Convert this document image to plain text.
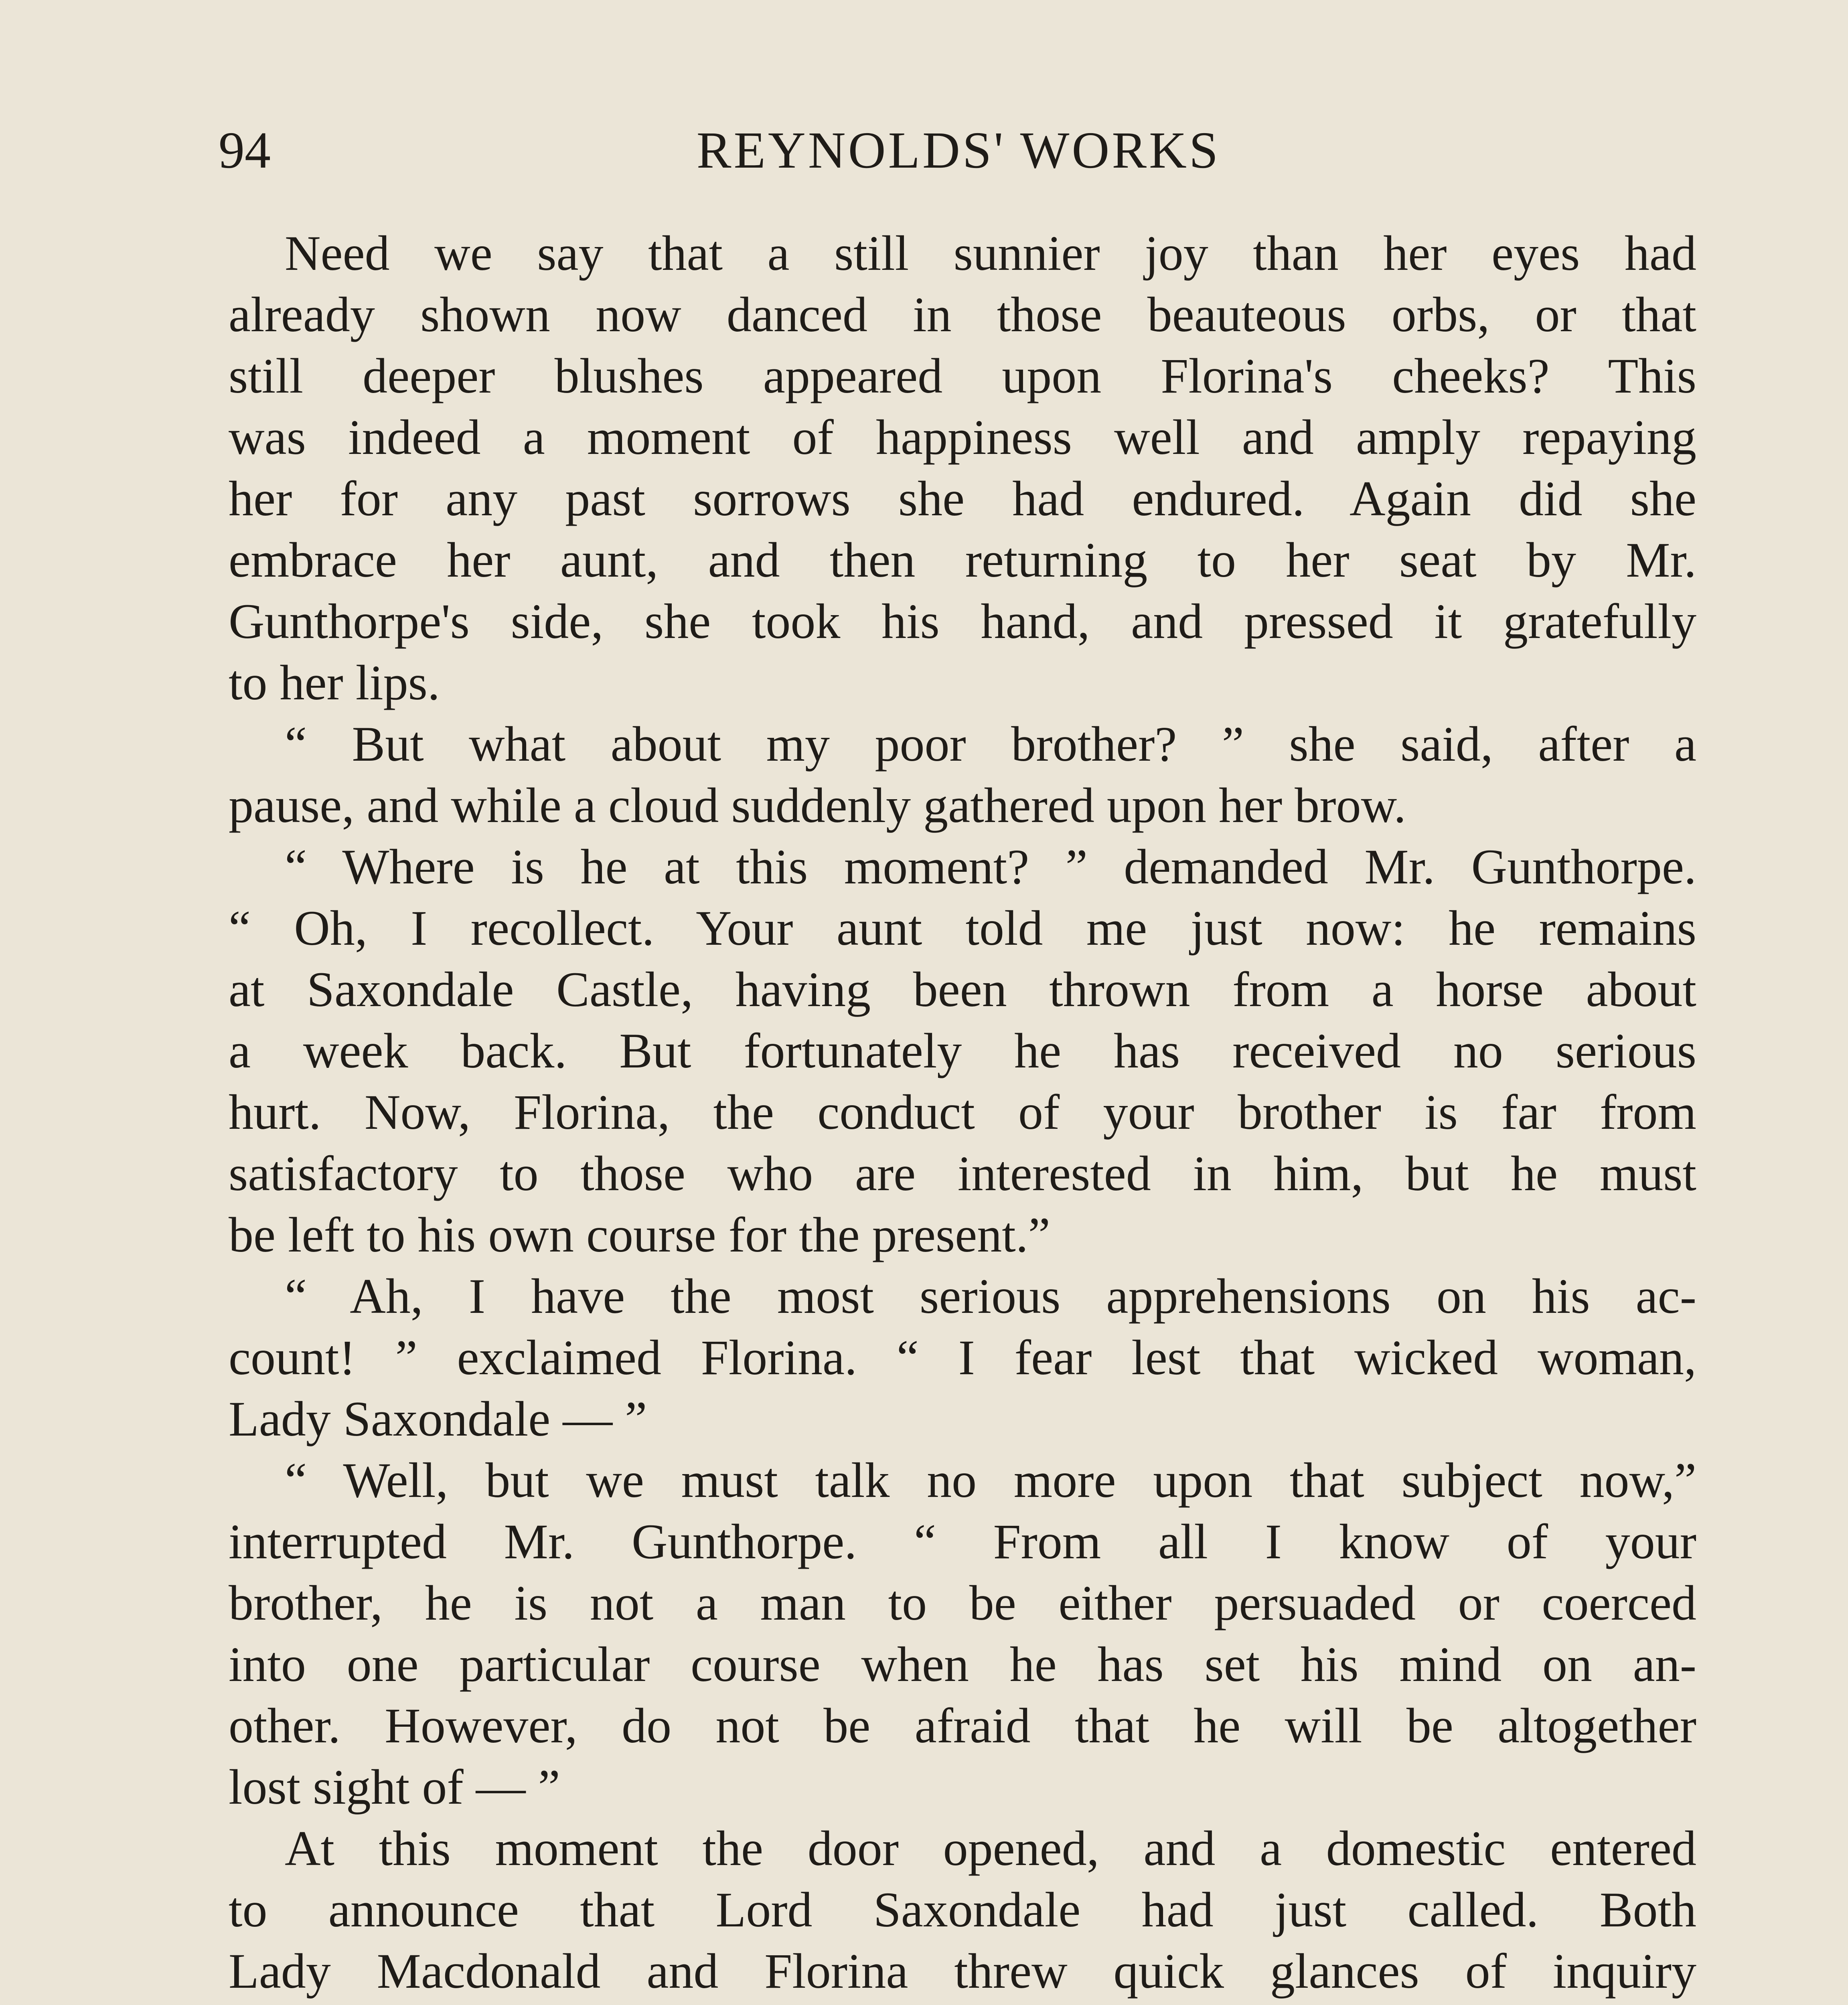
94	REYNOLDS' WORKS
Need we say that a still sunnier joy than her eyes had
already shown now danced in those beauteous orbs, or that
still deeper blushes appeared upon Florina's cheeks? This
was indeed a moment of happiness well and amply repaying
her for any past sorrows she had endured. Again did she
embrace her aunt, and then returning to her seat by Mr.
Gunthorpe's side, she took his hand, and pressed it gratefully
to her lips.
“ But what about my poor brother? ” she said, after a
pause, and while a cloud suddenly gathered upon her brow.
“ Where is he at this moment? ” demanded Mr. Gunthorpe.
“ Oh, I recollect. Your aunt told me just now: he remains
at Saxondale Castle, having been thrown from a horse about
a week back. But fortunately he has received no serious
hurt. Now, Florina, the conduct of your brother is far from
satisfactory to those who are interested in him, but he must
be left to his own course for the present.”
“ Ah, I have the most serious apprehensions on his ac-
count! ” exclaimed Florina. “ I fear lest that wicked woman,
Lady Saxondale — ”
“ Well, but we must talk no more upon that subject now,”
interrupted Mr. Gunthorpe. “ From all I know of your
brother, he is not a man to be either persuaded or coerced
into one particular course when he has set his mind on an-
other. However, do not be afraid that he will be altogether
lost sight of — ”
At this moment the door opened, and a domestic entered
to announce that Lord Saxondale had just called. Both
Lady Macdonald and Florina threw quick glances of inquiry
